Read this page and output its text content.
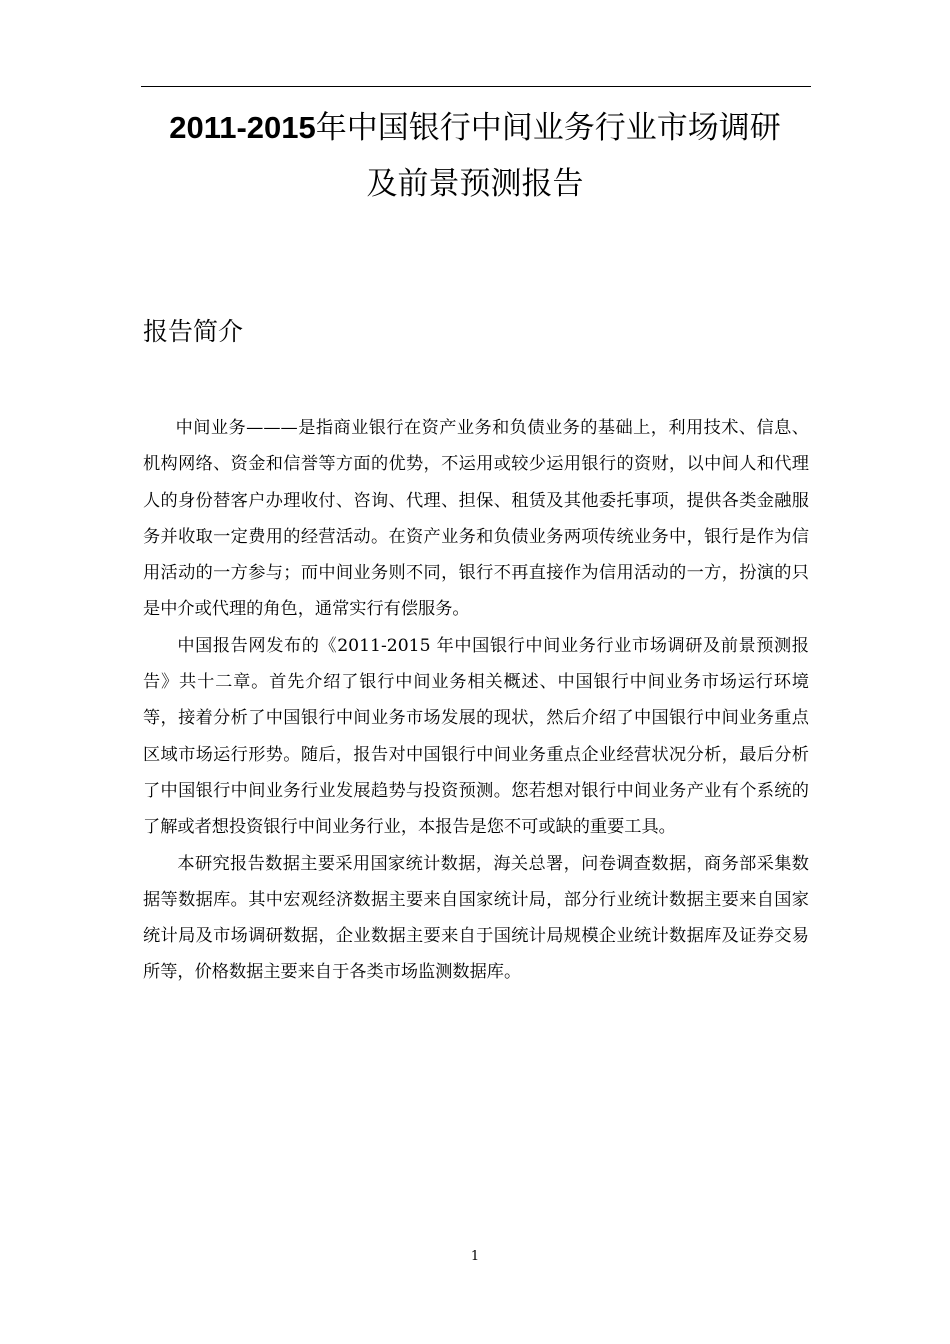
2011-2015年中国银行中间业务行业市场调研
及前景预测报告
报告简介

中间业务———是指商业银行在资产业务和负债业务的基础上，利用技术、信息、机构网络、资金和信誉等方面的优势，不运用或较少运用银行的资财，以中间人和代理人的身份替客户办理收付、咨询、代理、担保、租赁及其他委托事项，提供各类金融服务并收取一定费用的经营活动。在资产业务和负债业务两项传统业务中，银行是作为信用活动的一方参与；而中间业务则不同，银行不再直接作为信用活动的一方，扮演的只是中介或代理的角色，通常实行有偿服务。

中国报告网发布的《2011-2015 年中国银行中间业务行业市场调研及前景预测报告》共十二章。首先介绍了银行中间业务相关概述、中国银行中间业务市场运行环境等，接着分析了中国银行中间业务市场发展的现状，然后介绍了中国银行中间业务重点区域市场运行形势。随后，报告对中国银行中间业务重点企业经营状况分析，最后分析了中国银行中间业务行业发展趋势与投资预测。您若想对银行中间业务产业有个系统的了解或者想投资银行中间业务行业，本报告是您不可或缺的重要工具。

本研究报告数据主要采用国家统计数据，海关总署，问卷调查数据，商务部采集数据等数据库。其中宏观经济数据主要来自国家统计局，部分行业统计数据主要来自国家统计局及市场调研数据，企业数据主要来自于国统计局规模企业统计数据库及证券交易所等，价格数据主要来自于各类市场监测数据库。

1
